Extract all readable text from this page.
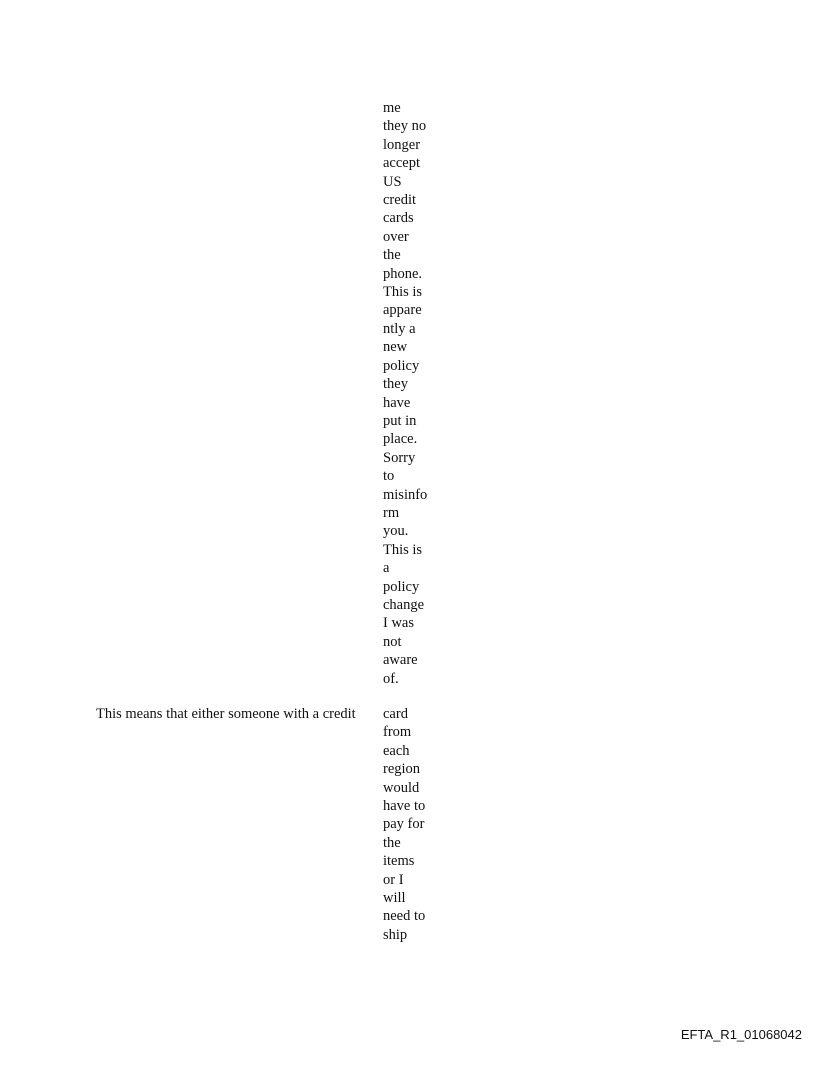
me
they no
longer
accept
US
credit
cards
over
the
phone.
This is
appare
ntly a
new
policy
they
have
put in
place.
Sorry
to
misinfo
rm
you.
This is
a
policy
change
I was
not
aware
of.
This means that either someone with a credit	card
from
each
region
would
have to
pay for
the
items
or I
will
need to
ship
EFTA_R1_01068042
